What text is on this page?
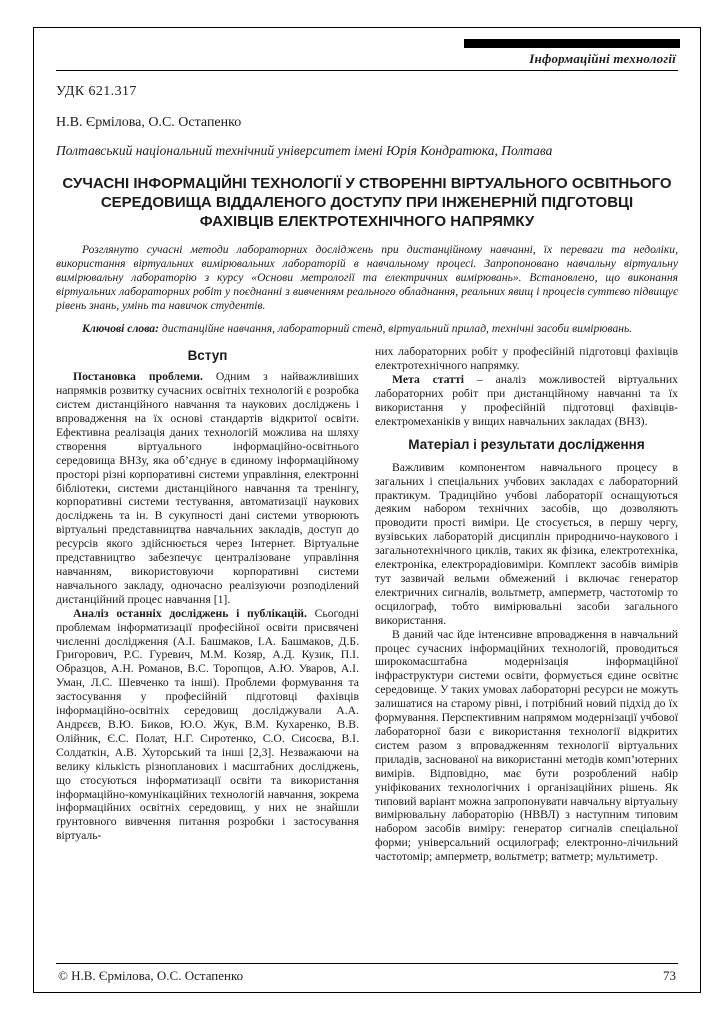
Інформаційні технології
УДК 621.317
Н.В. Єрмілова, О.С. Остапенко
Полтавський національний технічний університет імені Юрія Кондратюка, Полтава
СУЧАСНІ ІНФОРМАЦІЙНІ ТЕХНОЛОГІЇ У СТВОРЕННІ ВІРТУАЛЬНОГО ОСВІТНЬОГО СЕРЕДОВИЩА ВІДДАЛЕНОГО ДОСТУПУ ПРИ ІНЖЕНЕРНІЙ ПІДГОТОВЦІ ФАХІВЦІВ ЕЛЕКТРОТЕХНІЧНОГО НАПРЯМКУ

Розглянуто сучасні методи лабораторних досліджень при дистанційному навчанні, їх переваги та недоліки, використання віртуальних вимірювальних лабораторій в навчальному процесі. Запропоновано навчальну віртуальну вимірювальну лабораторію з курсу «Основи метрології та електричних вимірювань». Встановлено, що виконання віртуальних лабораторних робіт у поєднанні з вивченням реального обладнання, реальних явищ і процесів суттєво підвищує рівень знань, умінь та навичок студентів.

Ключові слова: дистанційне навчання, лабораторний стенд, віртуальний прилад, технічні засоби вимірювань.

Вступ

Постановка проблеми. Одним з найважливіших напрямків розвитку сучасних освітніх технологій є розробка систем дистанційного навчання та наукових досліджень і впровадження на їх основі стандартів відкритої освіти. Ефективна реалізація даних технологій можлива на шляху створення віртуального інформаційно-освітнього середовища ВНЗу, яка об’єднує в єдиному інформаційному просторі різні корпоративні системи управління, електронні бібліотеки, системи дистанційного навчання та тренінгу, корпоративні системи тестування, автоматизації наукових досліджень та ін. В сукупності дані системи утворюють віртуальні представництва навчальних закладів, доступ до ресурсів якого здійснюється через Інтернет. Віртуальне представництво забезпечує централізоване управління навчанням, використовуючи корпоративні системи навчального закладу, одночасно реалізуючи розподілений дистанційний процес навчання [1].

Аналіз останніх досліджень і публікацій. Сьогодні проблемам інформатизації професійної освіти присвячені численні дослідження (А.І. Башмаков, І.А. Башмаков, Д.Б. Григорович, Р.С. Гуревич, М.М. Козяр, А.Д. Кузик, П.І. Образцов, А.Н. Романов, В.С. Торопцов, А.Ю. Уваров, А.І. Уман, Л.С. Шевченко та інші). Проблеми формування та застосування у професійній підготовці фахівців інформаційно-освітніх середовищ досліджували А.А. Андрєєв, В.Ю. Биков, Ю.О. Жук, В.М. Кухаренко, В.В. Олійник, Є.С. Полат, Н.Г. Сиротенко, С.О. Сисоєва, В.І. Солдаткін, А.В. Хуторський та інші [2,3]. Незважаючи на велику кількість різнопланових і масштабних досліджень, що стосуються інформатизації освіти та використання інформаційно-комунікаційних технологій навчання, зокрема інформаційних освітніх середовищ, у них не знайшли ґрунтовного вивчення питання розробки і застосування віртуаль-

них лабораторних робіт у професійній підготовці фахівців електротехнічного напрямку.

Мета статті – аналіз можливостей віртуальних лабораторних робіт при дистанційному навчанні та їх використання у професійній підготовці фахівців-електромеханіків у вищих навчальних закладах (ВНЗ).

Матеріал і результати дослідження

Важливим компонентом навчального процесу в загальних і спеціальних учбових закладах є лабораторний практикум. Традиційно учбові лабораторії оснащуються деяким набором технічних засобів, що дозволяють проводити прості виміри. Це стосується, в першу чергу, вузівських лабораторій дисциплін природничо-наукового і загальнотехнічного циклів, таких як фізика, електротехніка, електроніка, електрорадіовиміри. Комплект засобів вимірів тут зазвичай вельми обмежений і включає генератор електричних сигналів, вольтметр, амперметр, частотомір то осцилограф, тобто вимірювальні засоби загального використання.

В даний час йде інтенсивне впровадження в навчальний процес сучасних інформаційних технологій, проводиться широкомасштабна модернізація інформаційної інфраструктури системи освіти, формується єдине освітнє середовище. У таких умовах лабораторні ресурси не можуть залишатися на старому рівні, і потрібний новий підхід до їх формування. Перспективним напрямом модернізації учбової лабораторної бази є використання технології відкритих систем разом з впровадженням технології віртуальних приладів, заснованої на використанні методів комп’ютерних вимірів. Відповідно, має бути розроблений набір уніфікованих технологічних і організаційних рішень. Як типовий варіант можна запропонувати навчальну віртуальну вимірювальну лабораторію (НВВЛ) з наступним типовим набором засобів виміру: генератор сигналів спеціальної форми; універсальний осцилограф; електронно-лічильний частотомір; амперметр, вольтметр; ватметр; мультиметр.

© Н.В. Єрмілова, О.С. Остапенко	73
